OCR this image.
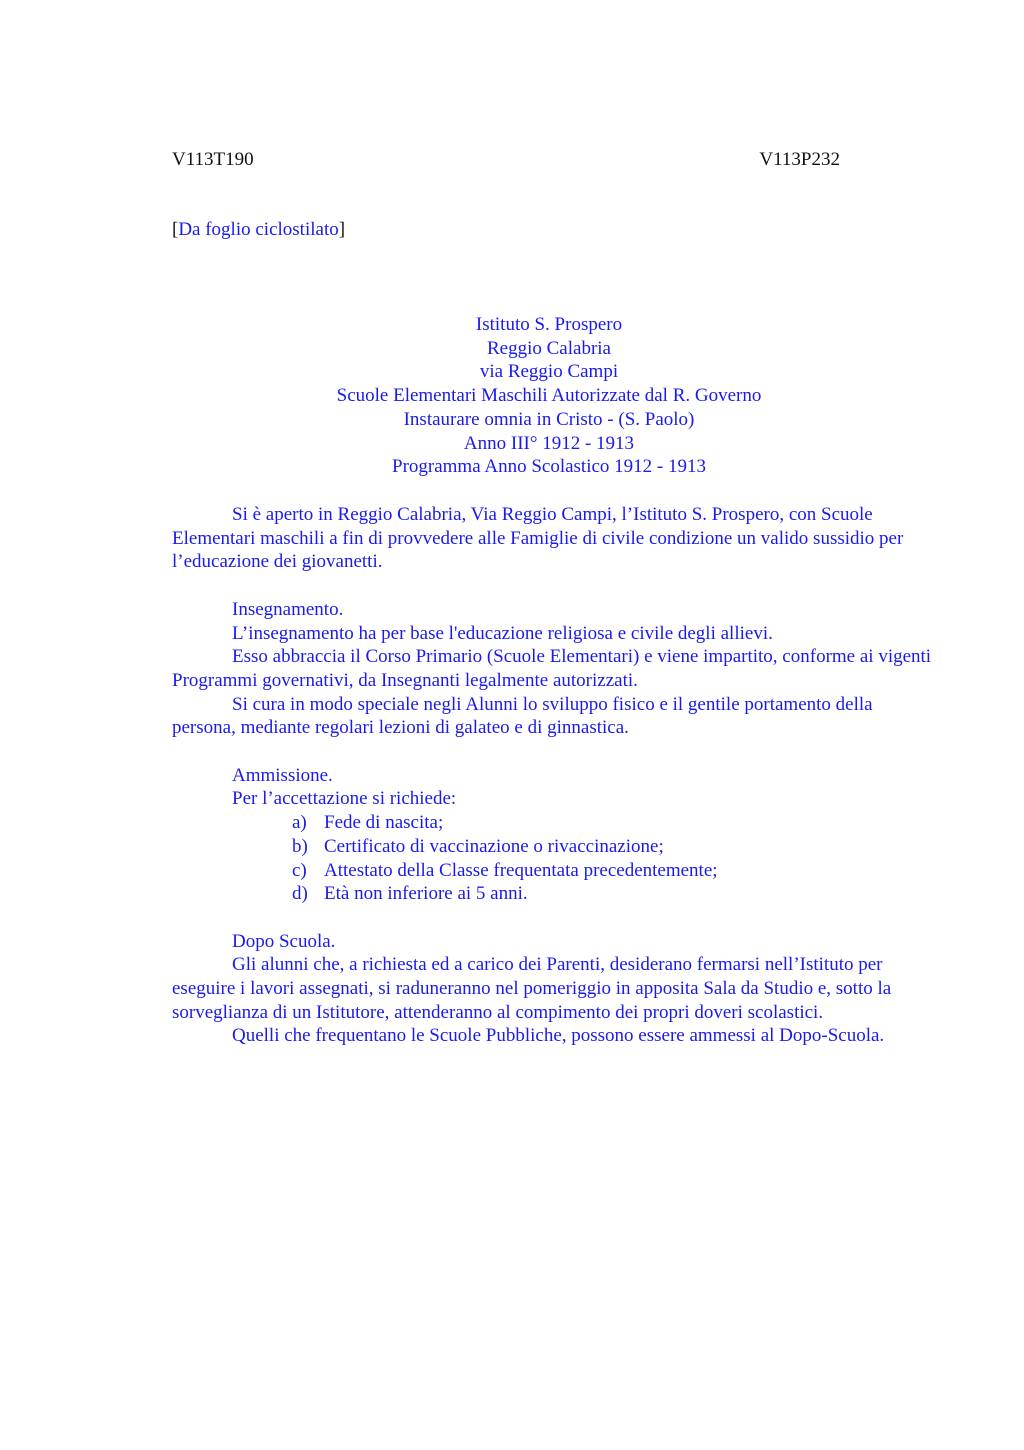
V113T190	V113P232
[Da foglio ciclostilato]
Istituto S. Prospero
Reggio Calabria
via Reggio Campi
Scuole Elementari Maschili Autorizzate dal R. Governo
Instaurare omnia in Cristo - (S. Paolo)
Anno III° 1912 - 1913
Programma Anno Scolastico 1912 - 1913

Si è aperto in Reggio Calabria, Via Reggio Campi, l’Istituto S. Prospero, con Scuole Elementari maschili a fin di provvedere alle Famiglie di civile condizione un valido sussidio per l’educazione dei giovanetti.

Insegnamento.

L’insegnamento ha per base l'educazione religiosa e civile degli allievi.

Esso abbraccia il Corso Primario (Scuole Elementari) e viene impartito, conforme ai vigenti Programmi governativi, da Insegnanti legalmente autorizzati.

Si cura in modo speciale negli Alunni lo sviluppo fisico e il gentile portamento della persona, mediante regolari lezioni di galateo e di ginnastica.

Ammissione.

Per l’accettazione si richiede:

a) Fede di nascita;
b) Certificato di vaccinazione o rivaccinazione;
c) Attestato della Classe frequentata precedentemente;
d) Età non inferiore ai 5 anni.

Dopo Scuola.

Gli alunni che, a richiesta ed a carico dei Parenti, desiderano fermarsi nell’Istituto per eseguire i lavori assegnati, si raduneranno nel pomeriggio in apposita Sala da Studio e, sotto la sorveglianza di un Istitutore, attenderanno al compimento dei propri doveri scolastici.

Quelli che frequentano le Scuole Pubbliche, possono essere ammessi al Dopo-Scuola.
